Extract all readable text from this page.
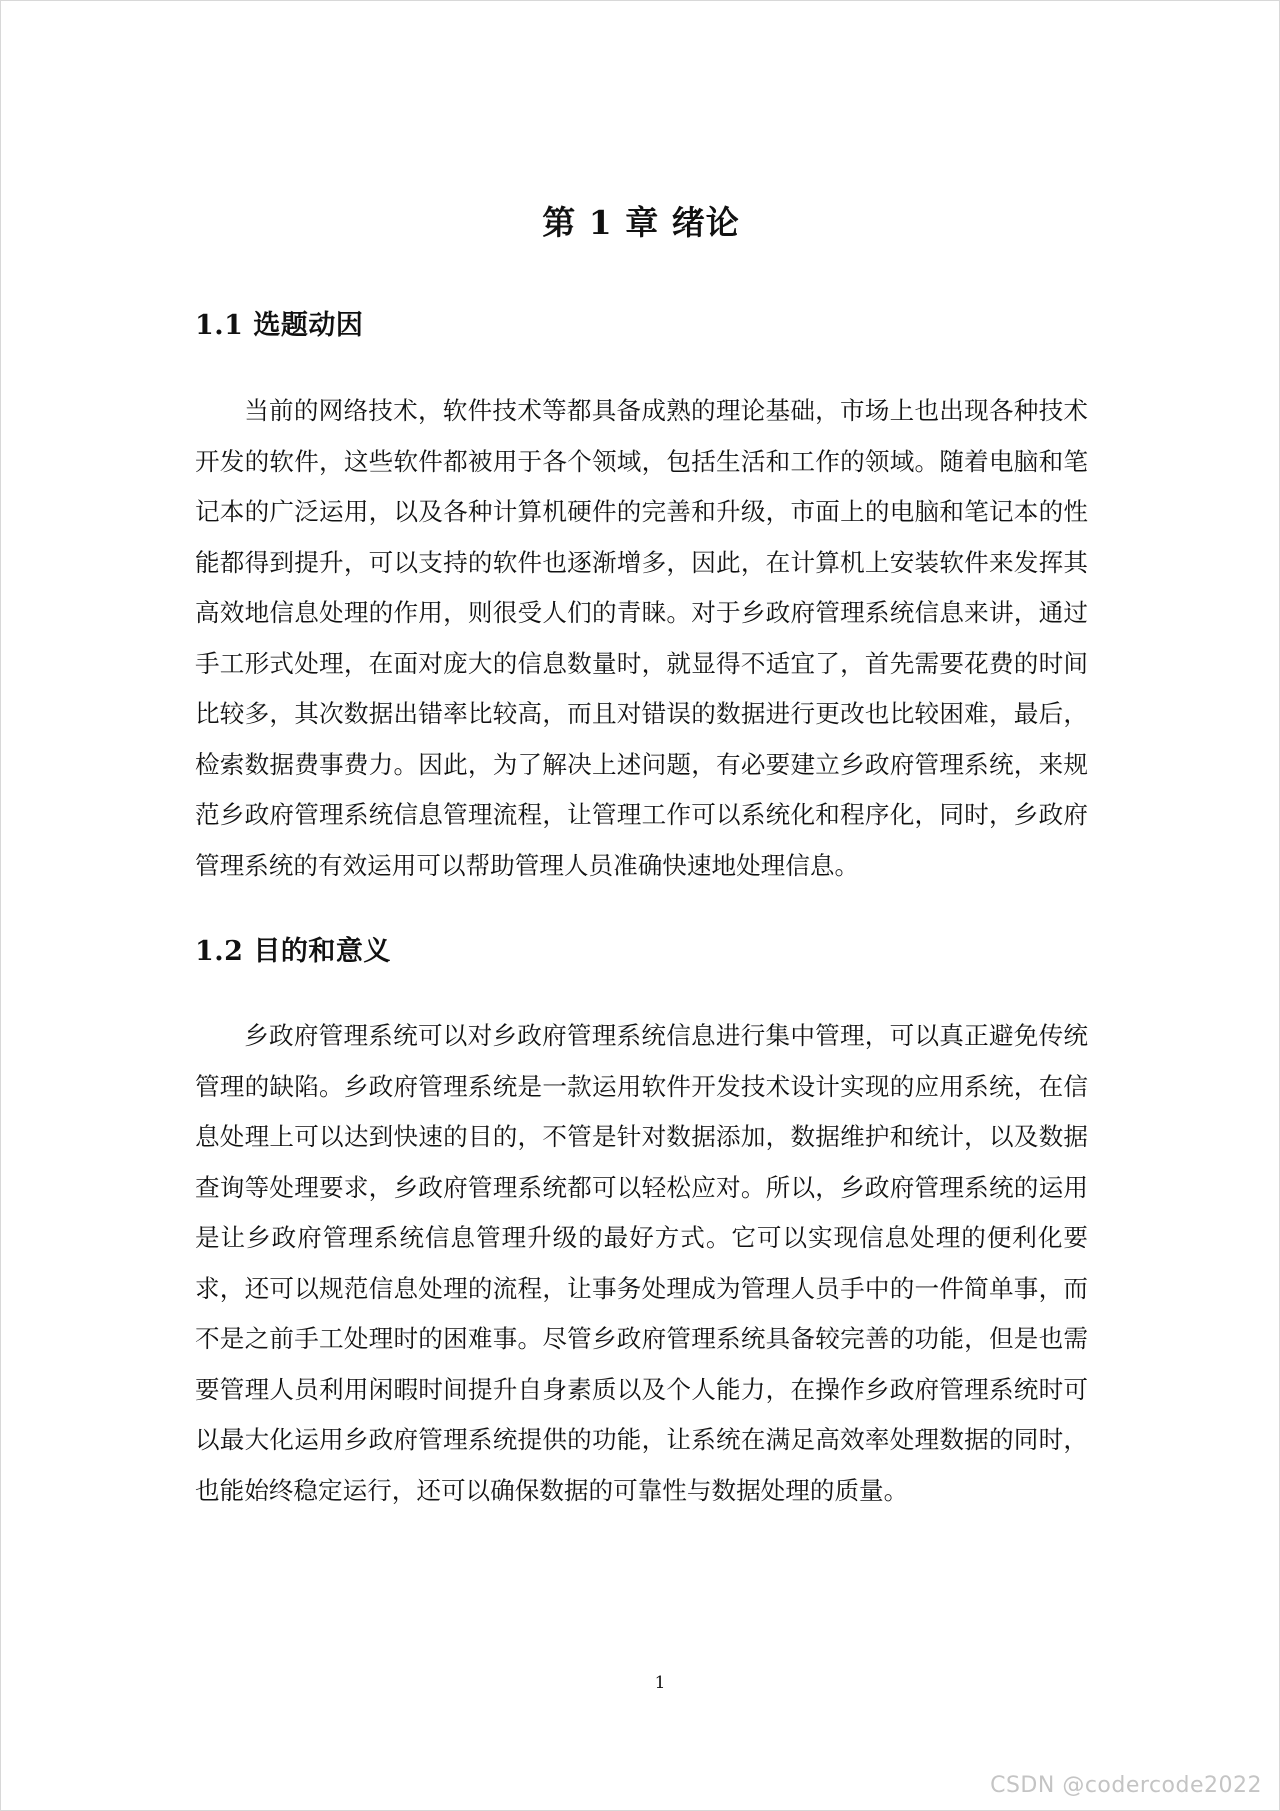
第 1 章 绪论
1.1 选题动因

当前的网络技术，软件技术等都具备成熟的理论基础，市场上也出现各种技术开发的软件，这些软件都被用于各个领域，包括生活和工作的领域。随着电脑和笔记本的广泛运用，以及各种计算机硬件的完善和升级，市面上的电脑和笔记本的性能都得到提升，可以支持的软件也逐渐增多，因此，在计算机上安装软件来发挥其高效地信息处理的作用，则很受人们的青睐。对于乡政府管理系统信息来讲，通过手工形式处理，在面对庞大的信息数量时，就显得不适宜了，首先需要花费的时间比较多，其次数据出错率比较高，而且对错误的数据进行更改也比较困难，最后，检索数据费事费力。因此，为了解决上述问题，有必要建立乡政府管理系统，来规范乡政府管理系统信息管理流程，让管理工作可以系统化和程序化，同时，乡政府管理系统的有效运用可以帮助管理人员准确快速地处理信息。

1.2 目的和意义

乡政府管理系统可以对乡政府管理系统信息进行集中管理，可以真正避免传统管理的缺陷。乡政府管理系统是一款运用软件开发技术设计实现的应用系统，在信息处理上可以达到快速的目的，不管是针对数据添加，数据维护和统计，以及数据查询等处理要求，乡政府管理系统都可以轻松应对。所以，乡政府管理系统的运用是让乡政府管理系统信息管理升级的最好方式。它可以实现信息处理的便利化要求，还可以规范信息处理的流程，让事务处理成为管理人员手中的一件简单事，而不是之前手工处理时的困难事。尽管乡政府管理系统具备较完善的功能，但是也需要管理人员利用闲暇时间提升自身素质以及个人能力，在操作乡政府管理系统时可以最大化运用乡政府管理系统提供的功能，让系统在满足高效率处理数据的同时，也能始终稳定运行，还可以确保数据的可靠性与数据处理的质量。

1

CSDN @codercode2022
